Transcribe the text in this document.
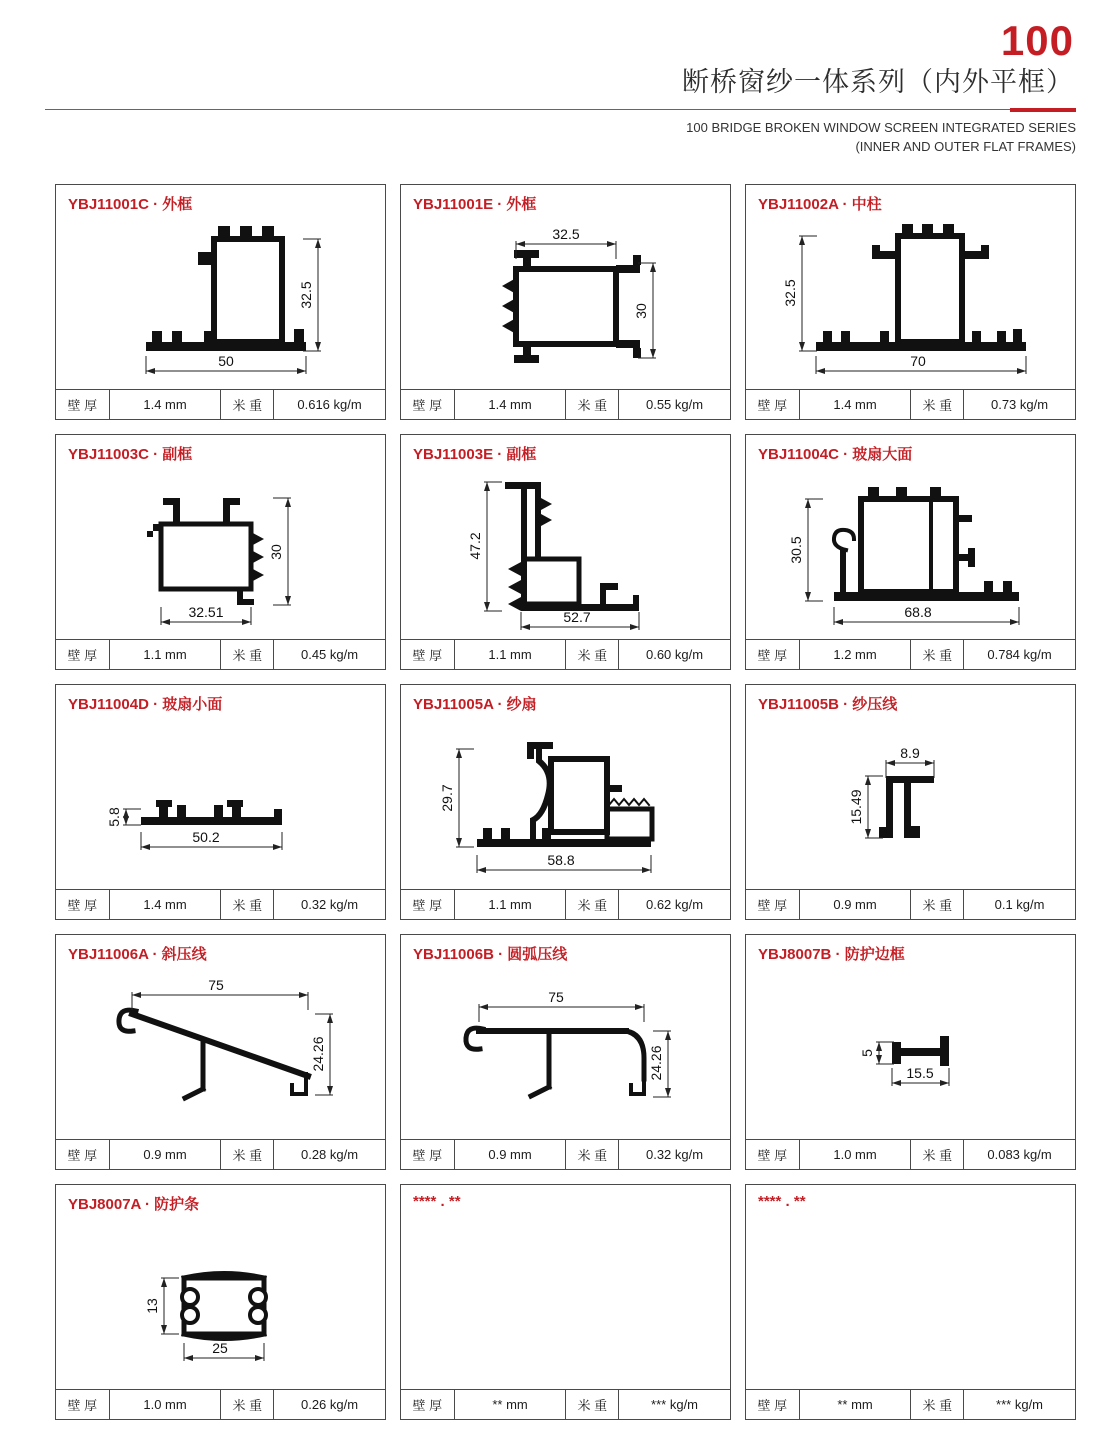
100
断桥窗纱一体系列（内外平框）
100 BRIDGE BROKEN WINDOW SCREEN INTEGRATED SERIES
(INNER AND OUTER FLAT FRAMES)
YBJ11001C · 外框
32.5
50
壁 厚	1.4 mm	米 重	0.616 kg/m
YBJ11001E · 外框
32.5
30
壁 厚	1.4 mm	米 重	0.55 kg/m
YBJ11002A · 中柱
32.5
70
壁 厚	1.4 mm	米 重	0.73 kg/m
YBJ11003C · 副框
30
32.51
壁 厚	1.1 mm	米 重	0.45 kg/m
YBJ11003E · 副框
47.2
52.7
壁 厚	1.1 mm	米 重	0.60 kg/m
YBJ11004C · 玻扇大面
30.5
68.8
壁 厚	1.2 mm	米 重	0.784 kg/m
YBJ11004D · 玻扇小面
5.8
50.2
壁 厚	1.4 mm	米 重	0.32 kg/m
YBJ11005A · 纱扇
29.7
58.8
壁 厚	1.1 mm	米 重	0.62 kg/m
YBJ11005B · 纱压线
8.9
15.49
壁 厚	0.9 mm	米 重	0.1 kg/m
YBJ11006A · 斜压线
75
24.26
壁 厚	0.9 mm	米 重	0.28 kg/m
YBJ11006B · 圆弧压线
75
24.26
壁 厚	0.9 mm	米 重	0.32 kg/m
YBJ8007B · 防护边框
5
15.5
壁 厚	1.0 mm	米 重	0.083 kg/m
YBJ8007A · 防护条
13
25
壁 厚	1.0 mm	米 重	0.26 kg/m
**** . **
壁 厚	** mm	米 重	*** kg/m
**** . **
壁 厚	** mm	米 重	*** kg/m
